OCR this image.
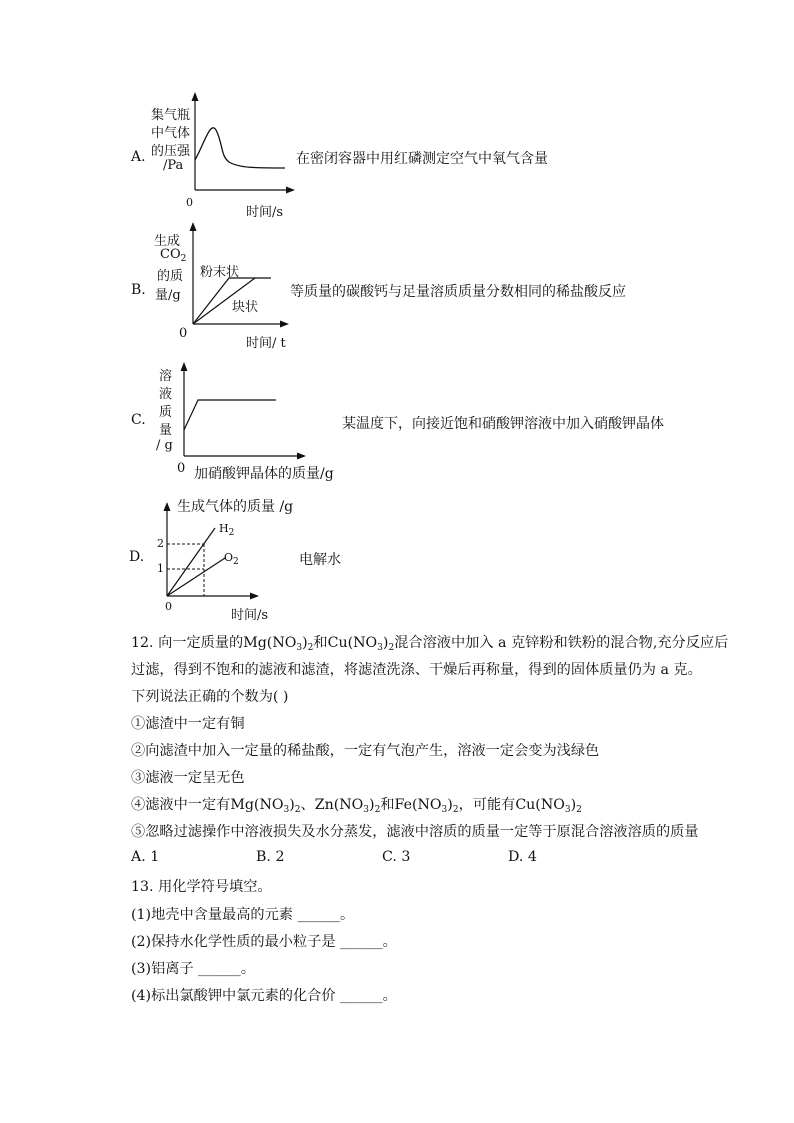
A.
集气瓶
中气体
的压强
/Pa
0
时间/s
在密闭容器中用红磷测定空气中氧气含量
B.
生成
$CO_2$
的质
量/g
0
时间/ t
粉末状
块状
等质量的碳酸钙与足量溶质质量分数相同的稀盐酸反应
C.
溶
液
质
量
/ g
0 加硝酸钾晶体的质量/g
某温度下，向接近饱和硝酸钾溶液中加入硝酸钾晶体
D.
生成气体的质量 /g
2
1
0
时间/s
$H_2$
$O_2$	电解水
12. 向一定质量的$Mg(NO_3)_2$和$Cu(NO_3)_2$混合溶液中加入 a 克锌粉和铁粉的混合物,充分反应后
过滤，得到不饱和的滤液和滤渣，将滤渣洗涤、干燥后再称量，得到的固体质量仍为 a 克。
下列说法正确的个数为( )
①滤渣中一定有铜
②向滤渣中加入一定量的稀盐酸，一定有气泡产生，溶液一定会变为浅绿色
③滤液一定呈无色
④滤液中一定有$Mg(NO_3)_2$、$Zn(NO_3)_2$和$Fe(NO_3)_2$，可能有$Cu(NO_3)_2$
⑤忽略过滤操作中溶液损失及水分蒸发，滤液中溶质的质量一定等于原混合溶液溶质的质量
A. 1	B. 2	C. 3	D. 4
13. 用化学符号填空。
(1)地壳中含量最高的元素 ______。
(2)保持水化学性质的最小粒子是 ______。
(3)铝离子 ______。
(4)标出氯酸钾中氯元素的化合价 ______。
